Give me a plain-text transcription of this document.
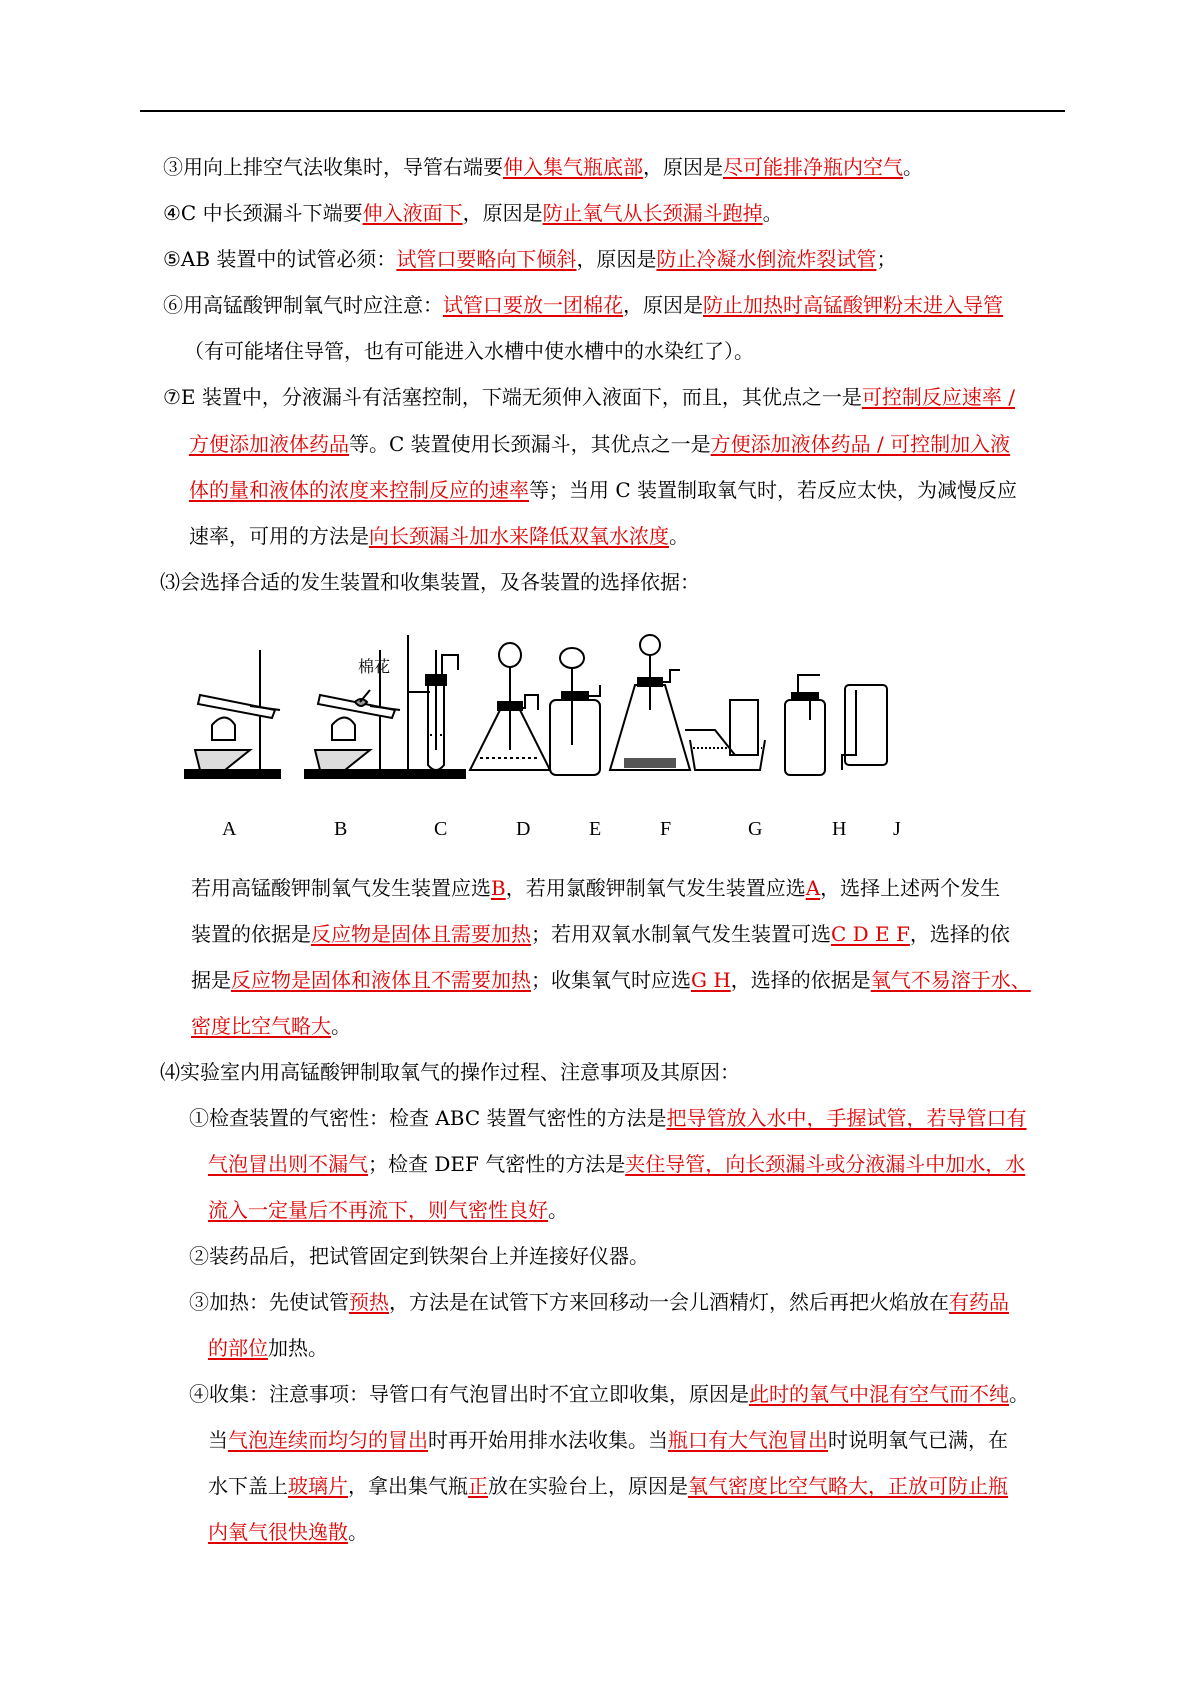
③用向上排空气法收集时，导管右端要伸入集气瓶底部，原因是尽可能排净瓶内空气。
④C 中长颈漏斗下端要伸入液面下，原因是防止氧气从长颈漏斗跑掉。
⑤AB 装置中的试管必须：试管口要略向下倾斜，原因是防止冷凝水倒流炸裂试管；
⑥用高锰酸钾制氧气时应注意：试管口要放一团棉花，原因是防止加热时高锰酸钾粉末进入导管
（有可能堵住导管，也有可能进入水槽中使水槽中的水染红了）。
⑦E 装置中，分液漏斗有活塞控制，下端无须伸入液面下，而且，其优点之一是可控制反应速率 /
方便添加液体药品等。C 装置使用长颈漏斗，其优点之一是方便添加液体药品 / 可控制加入液
体的量和液体的浓度来控制反应的速率等；当用 C 装置制取氧气时，若反应太快，为减慢反应
速率，可用的方法是向长颈漏斗加水来降低双氧水浓度。
⑶会选择合适的发生装置和收集装置，及各装置的选择依据：
若用高锰酸钾制氧气发生装置应选B，若用氯酸钾制氧气发生装置应选A，选择上述两个发生
装置的依据是反应物是固体且需要加热；若用双氧水制氧气发生装置可选C D E F，选择的依
据是反应物是固体和液体且不需要加热；收集氧气时应选G H，选择的依据是氧气不易溶于水、
密度比空气略大。
⑷实验室内用高锰酸钾制取氧气的操作过程、注意事项及其原因：
①检查装置的气密性：检查 ABC 装置气密性的方法是把导管放入水中，手握试管，若导管口有
气泡冒出则不漏气；检查 DEF 气密性的方法是夹住导管，向长颈漏斗或分液漏斗中加水，水
流入一定量后不再流下，则气密性良好。
②装药品后，把试管固定到铁架台上并连接好仪器。
③加热：先使试管预热，方法是在试管下方来回移动一会儿酒精灯，然后再把火焰放在有药品
的部位加热。
④收集：注意事项：导管口有气泡冒出时不宜立即收集，原因是此时的氧气中混有空气而不纯。
当气泡连续而均匀的冒出时再开始用排水法收集。当瓶口有大气泡冒出时说明氧气已满，在
水下盖上玻璃片，拿出集气瓶正放在实验台上，原因是氧气密度比空气略大，正放可防止瓶
内氧气很快逸散。
棉花
A	B	C	D	E	F	G	H J
